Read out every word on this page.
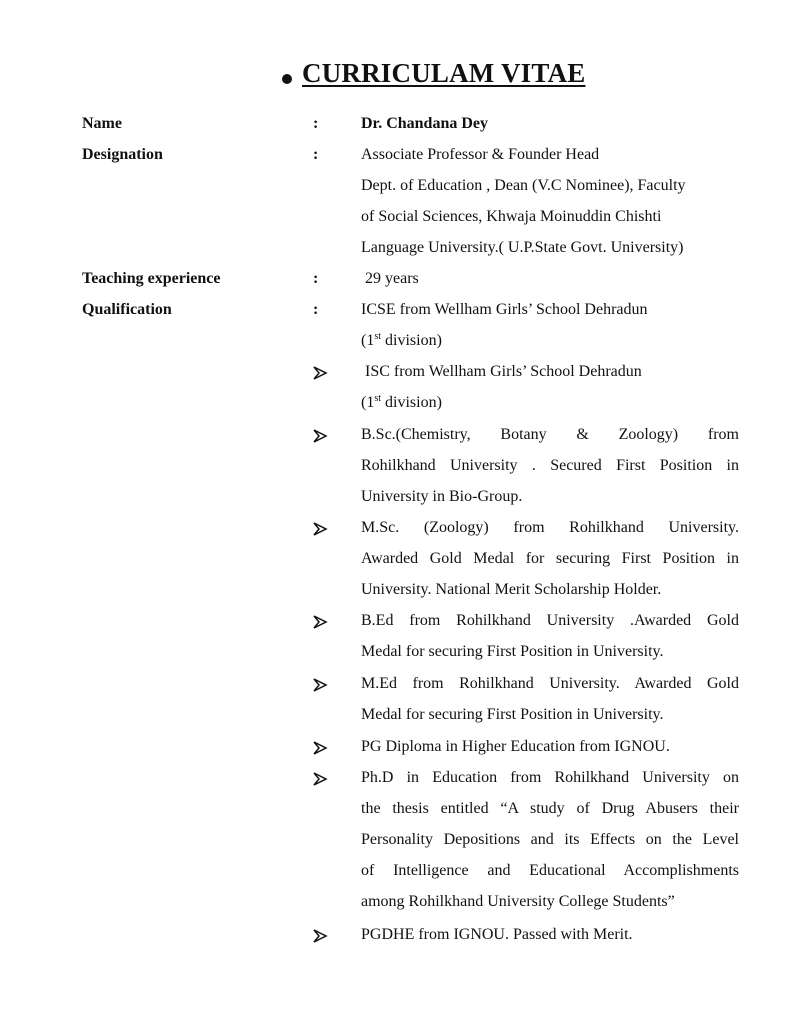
CURRICULAM VITAE
Name	:	Dr. Chandana Dey
Designation	:	Associate Professor & Founder Head
Dept. of Education , Dean (V.C Nominee), Faculty
of Social Sciences, Khwaja Moinuddin Chishti
Language University.( U.P.State Govt. University)
Teaching experience	:	29 years
Qualification	:	ICSE from Wellham Girls’ School Dehradun
(1st division)
ISC from Wellham Girls’ School Dehradun
(1st division)
B.Sc.(Chemistry, Botany & Zoology) from
Rohilkhand University . Secured First Position in
University in Bio-Group.
M.Sc. (Zoology) from Rohilkhand University.
Awarded Gold Medal for securing First Position in
University. National Merit Scholarship Holder.
B.Ed from Rohilkhand University .Awarded Gold
Medal for securing First Position in University.
M.Ed from Rohilkhand University. Awarded Gold
Medal for securing First Position in University.
PG Diploma in Higher Education from IGNOU.
Ph.D in Education from Rohilkhand University on
the thesis entitled “A study of Drug Abusers their
Personality Depositions and its Effects on the Level
of Intelligence and Educational Accomplishments
among Rohilkhand University College Students”
PGDHE from IGNOU. Passed with Merit.
